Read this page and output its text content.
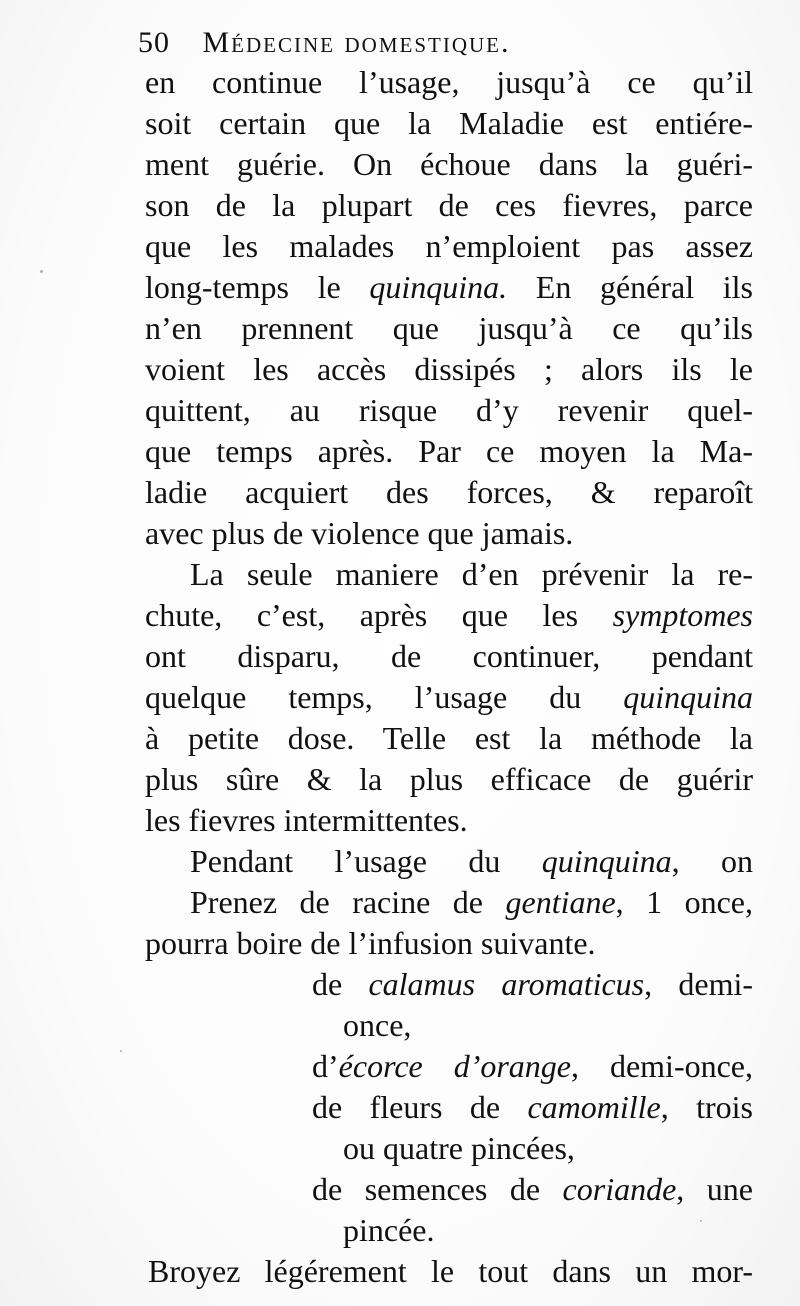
50 Médecine domestique.
en continue l’usage, jusqu’à ce qu’il
soit certain que la Maladie est entiére-
ment guérie. On échoue dans la guéri-
son de la plupart de ces fievres, parce
que les malades n’emploient pas assez
long-temps le quinquina. En général ils
n’en prennent que jusqu’à ce qu’ils
voient les accès dissipés ; alors ils le
quittent, au risque d’y revenir quel-
que temps après. Par ce moyen la Ma-
ladie acquiert des forces, & reparoît
avec plus de violence que jamais.
La seule maniere d’en prévenir la re-
chute, c’est, après que les symptomes
ont disparu, de continuer, pendant
quelque temps, l’usage du quinquina
à petite dose. Telle est la méthode la
plus sûre & la plus efficace de guérir
les fievres intermittentes.
Pendant l’usage du quinquina, on
pourra boire de l’infusion suivante.
Prenez de racine de gentiane, 1 once,
de calamus aromaticus, demi-
once,
d’écorce d’orange, demi-once,
de fleurs de camomille, trois
Broyez légérement le tout dans un mor-
ou quatre pincées,
de semences de coriande, une
pincée.
